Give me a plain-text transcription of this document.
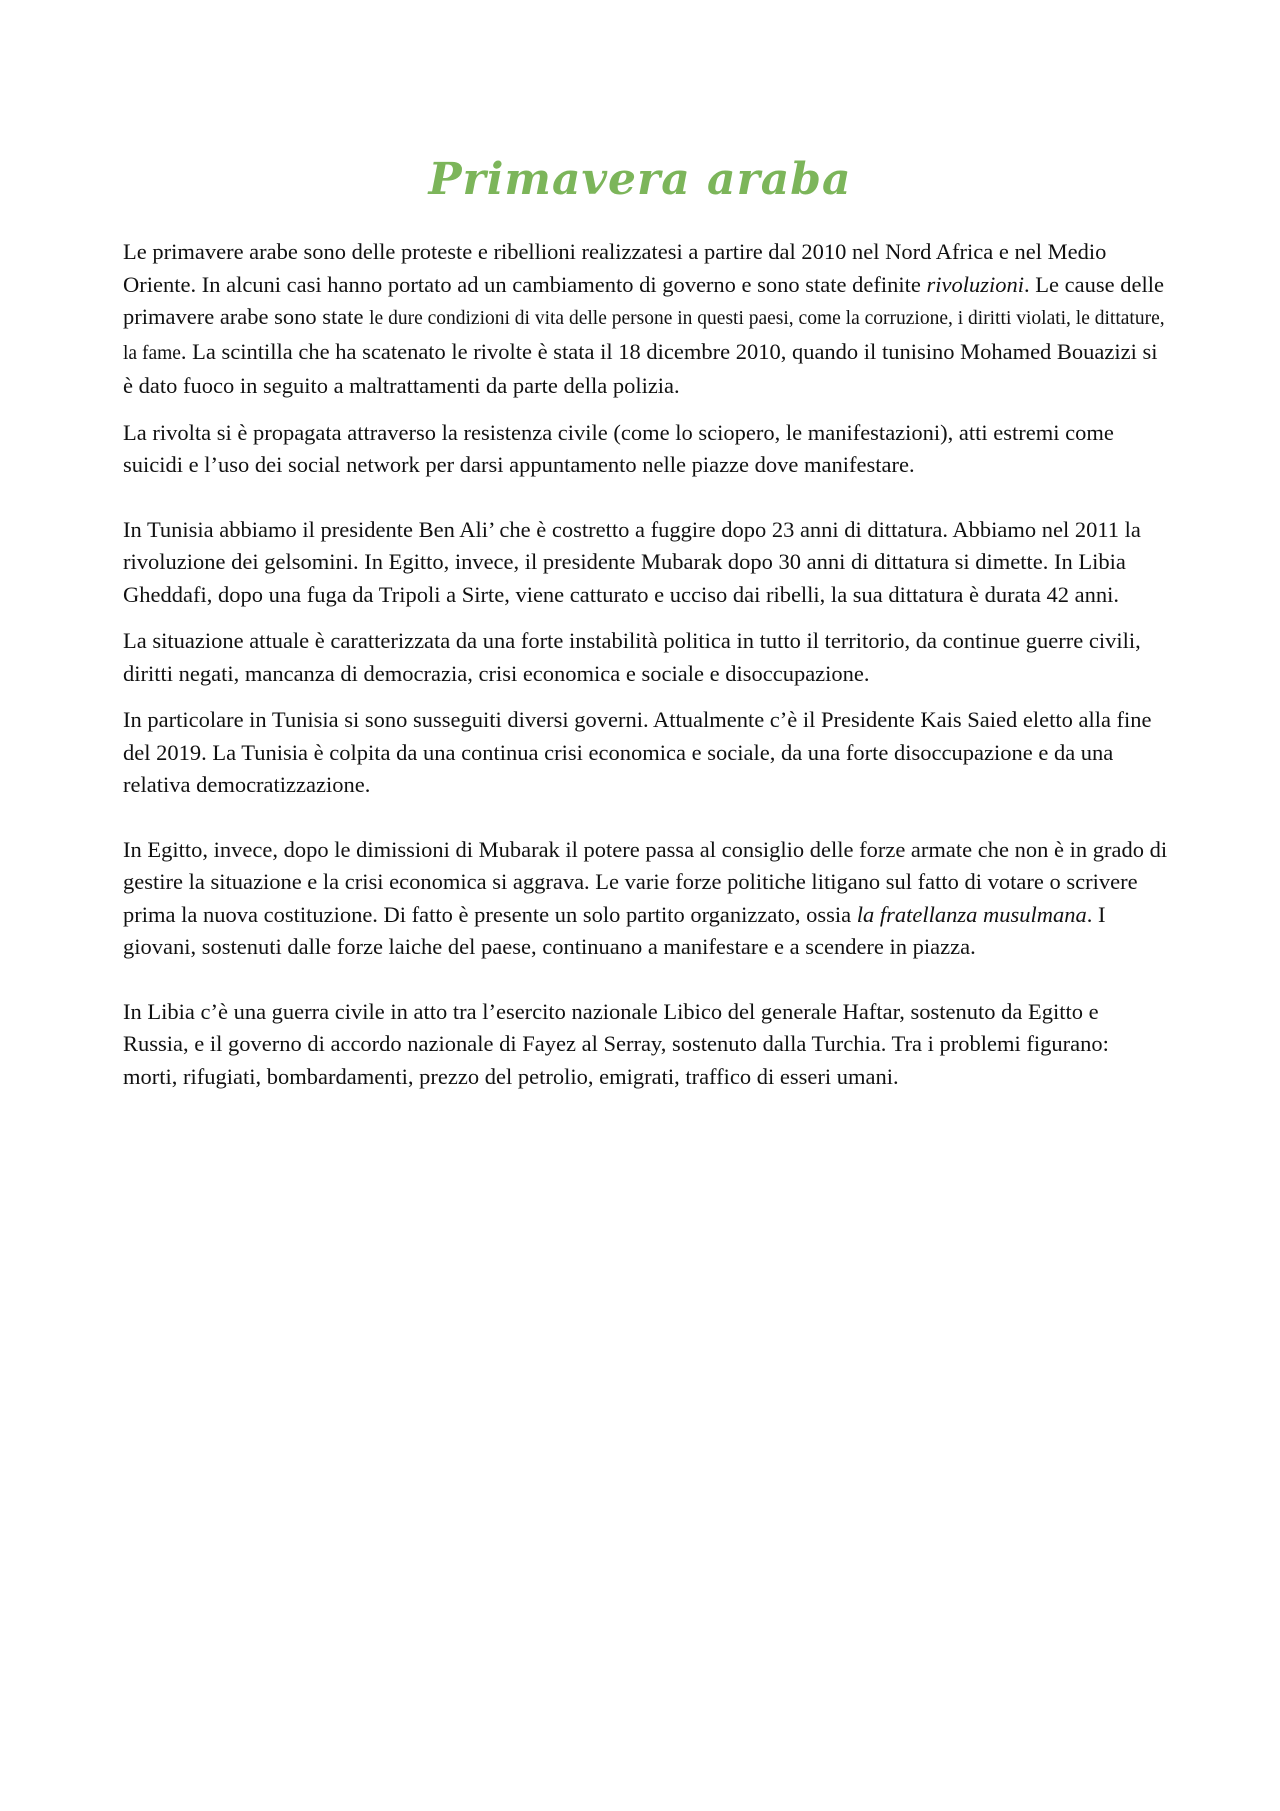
Primavera araba

Le primavere arabe sono delle proteste e ribellioni realizzatesi a partire dal 2010 nel Nord Africa e nel Medio Oriente. In alcuni casi hanno portato ad un cambiamento di governo e sono state definite rivoluzioni. Le cause delle primavere arabe sono state le dure condizioni di vita delle persone in questi paesi, come la corruzione, i diritti violati, le dittature, la fame. La scintilla che ha scatenato le rivolte è stata il 18 dicembre 2010, quando il tunisino Mohamed Bouazizi si è dato fuoco in seguito a maltrattamenti da parte della polizia.

La rivolta si è propagata attraverso la resistenza civile (come lo sciopero, le manifestazioni), atti estremi come suicidi e l’uso dei social network per darsi appuntamento nelle piazze dove manifestare.

In Tunisia abbiamo il presidente Ben Ali’ che è costretto a fuggire dopo 23 anni di dittatura. Abbiamo nel 2011 la rivoluzione dei gelsomini. In Egitto, invece, il presidente Mubarak dopo 30 anni di dittatura si dimette. In Libia Gheddafi, dopo una fuga da Tripoli a Sirte, viene catturato e ucciso dai ribelli, la sua dittatura è durata 42 anni.

La situazione attuale è caratterizzata da una forte instabilità politica in tutto il territorio, da continue guerre civili, diritti negati, mancanza di democrazia, crisi economica e sociale e disoccupazione.

In particolare in Tunisia si sono susseguiti diversi governi. Attualmente c’è il Presidente Kais Saied eletto alla fine del 2019. La Tunisia è colpita da una continua crisi economica e sociale, da una forte disoccupazione e da una relativa democratizzazione.

In Egitto, invece, dopo le dimissioni di Mubarak il potere passa al consiglio delle forze armate che non è in grado di gestire la situazione e la crisi economica si aggrava. Le varie forze politiche litigano sul fatto di votare o scrivere prima la nuova costituzione. Di fatto è presente un solo partito organizzato, ossia la fratellanza musulmana. I giovani, sostenuti dalle forze laiche del paese, continuano a manifestare e a scendere in piazza.

In Libia c’è una guerra civile in atto tra l’esercito nazionale Libico del generale Haftar, sostenuto da Egitto e Russia, e il governo di accordo nazionale di Fayez al Serray, sostenuto dalla Turchia. Tra i problemi figurano: morti, rifugiati, bombardamenti, prezzo del petrolio, emigrati, traffico di esseri umani.
